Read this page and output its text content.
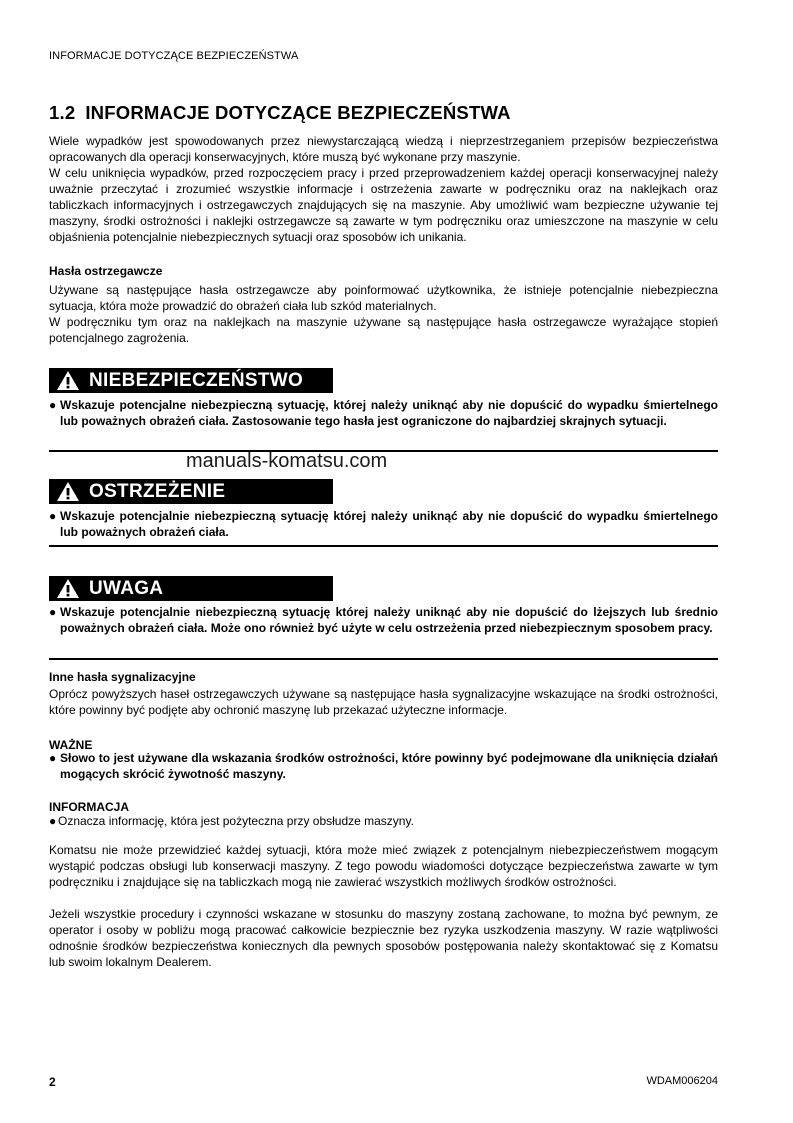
INFORMACJE DOTYCZĄCE BEZPIECZEŃSTWA
1.2 INFORMACJE DOTYCZĄCE BEZPIECZEŃSTWA

Wiele wypadków jest spowodowanych przez niewystarczającą wiedzą i nieprzestrzeganiem przepisów bezpieczeństwa opracowanych dla operacji konserwacyjnych, które muszą być wykonane przy maszynie.

W celu uniknięcia wypadków, przed rozpoczęciem pracy i przed przeprowadzeniem każdej operacji konserwacyjnej należy uważnie przeczytać i zrozumieć wszystkie informacje i ostrzeżenia zawarte w podręczniku oraz na naklejkach oraz tabliczkach informacyjnych i ostrzegawczych znajdujących się na maszynie. Aby umożliwić wam bezpieczne używanie tej maszyny, środki ostrożności i naklejki ostrzegawcze są zawarte w tym podręczniku oraz umieszczone na maszynie w celu objaśnienia potencjalnie niebezpiecznych sytuacji oraz sposobów ich unikania.

Hasła ostrzegawcze

Używane są następujące hasła ostrzegawcze aby poinformować użytkownika, że istnieje potencjalnie niebezpieczna sytuacja, która może prowadzić do obrażeń ciała lub szkód materialnych.

W podręczniku tym oraz na naklejkach na maszynie używane są następujące hasła ostrzegawcze wyrażające stopień potencjalnego zagrożenia.

NIEBEZPIECZEŃSTWO

● Wskazuje potencjalne niebezpieczną sytuację, której należy uniknąć aby nie dopuścić do wypadku śmiertelnego lub poważnych obrażeń ciała. Zastosowanie tego hasła jest ograniczone do najbardziej skrajnych sytuacji.

manuals-komatsu.com
OSTRZEŻENIE

● Wskazuje potencjalnie niebezpieczną sytuację której należy uniknąć aby nie dopuścić do wypadku śmiertelnego lub poważnych obrażeń ciała.

UWAGA

● Wskazuje potencjalnie niebezpieczną sytuację której należy uniknąć aby nie dopuścić do lżejszych lub średnio poważnych obrażeń ciała. Może ono również być użyte w celu ostrzeżenia przed niebezpiecznym sposobem pracy.

Inne hasła sygnalizacyjne

Oprócz powyższych haseł ostrzegawczych używane są następujące hasła sygnalizacyjne wskazujące na środki ostrożności, które powinny być podjęte aby ochronić maszynę lub przekazać użyteczne informacje.

WAŻNE

● Słowo to jest używane dla wskazania środków ostrożności, które powinny być podejmowane dla uniknięcia działań mogących skrócić żywotność maszyny.

INFORMACJA

● Oznacza informację, która jest pożyteczna przy obsłudze maszyny.

Komatsu nie może przewidzieć każdej sytuacji, która może mieć związek z potencjalnym niebezpieczeństwem mogącym wystąpić podczas obsługi lub konserwacji maszyny. Z tego powodu wiadomości dotyczące bezpieczeństwa zawarte w tym podręczniku i znajdujące się na tabliczkach mogą nie zawierać wszystkich możliwych środków ostrożności.

Jeżeli wszystkie procedury i czynności wskazane w stosunku do maszyny zostaną zachowane, to można być pewnym, ze operator i osoby w pobliżu mogą pracować całkowicie bezpiecznie bez ryzyka uszkodzenia maszyny. W razie wątpliwości odnośnie środków bezpieczeństwa koniecznych dla pewnych sposobów postępowania należy skontaktować się z Komatsu lub swoim lokalnym Dealerem.

2	WDAM006204
